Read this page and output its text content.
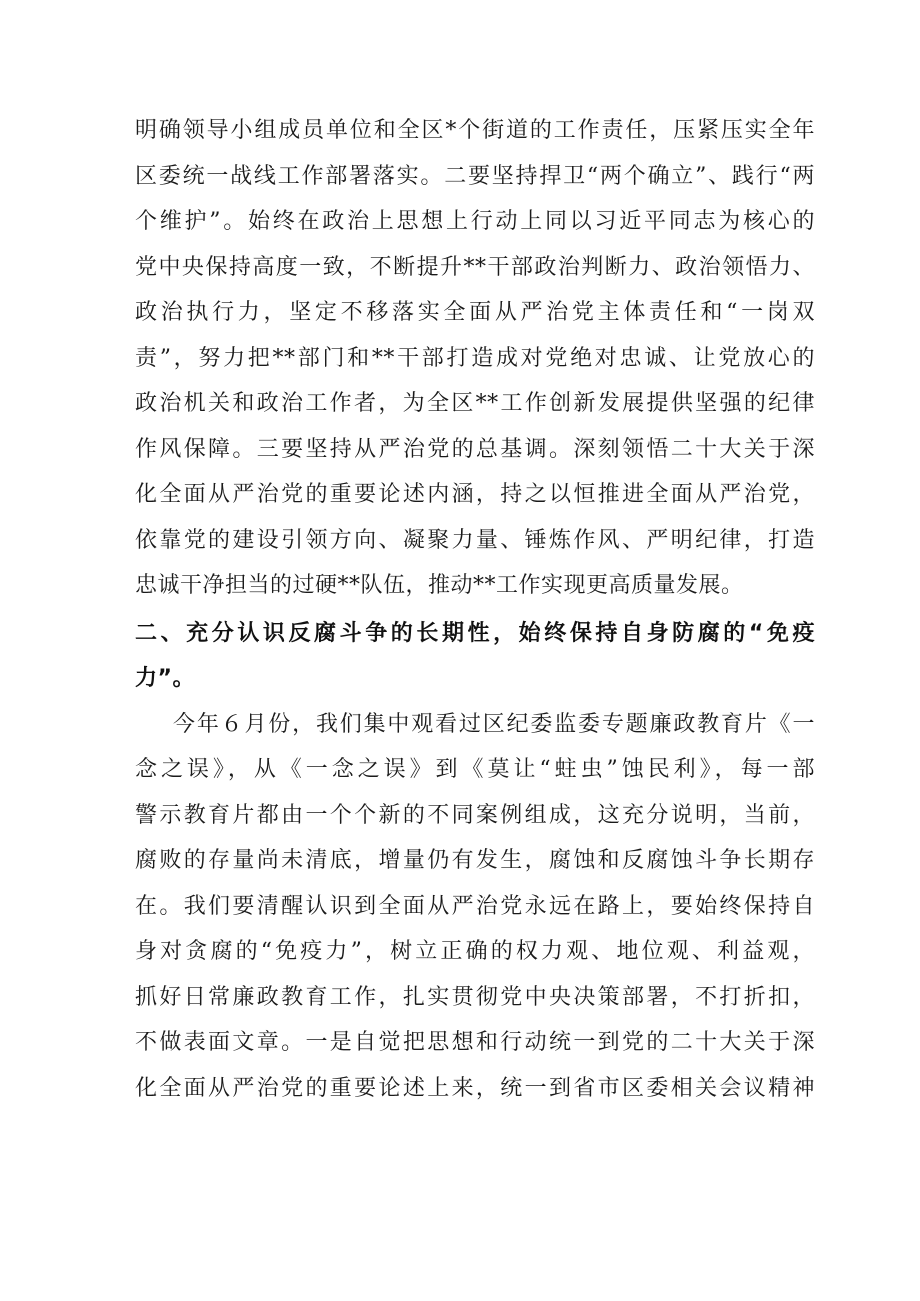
明确领导小组成员单位和全区*个街道的工作责任，压紧压实全年
区委统一战线工作部署落实。二要坚持捍卫“两个确立”、践行“两
个维护”。始终在政治上思想上行动上同以习近平同志为核心的
党中央保持高度一致，不断提升**干部政治判断力、政治领悟力、
政治执行力，坚定不移落实全面从严治党主体责任和“一岗双
责”，努力把**部门和**干部打造成对党绝对忠诚、让党放心的
政治机关和政治工作者，为全区**工作创新发展提供坚强的纪律
作风保障。三要坚持从严治党的总基调。深刻领悟二十大关于深
化全面从严治党的重要论述内涵，持之以恒推进全面从严治党，
依靠党的建设引领方向、凝聚力量、锤炼作风、严明纪律，打造
忠诚干净担当的过硬**队伍，推动**工作实现更高质量发展。
二、充分认识反腐斗争的长期性，始终保持自身防腐的“免疫
力”。
今年６月份，我们集中观看过区纪委监委专题廉政教育片《一
念之误》，从《一念之误》到《莫让“蛀虫”蚀民利》，每一部
警示教育片都由一个个新的不同案例组成，这充分说明，当前，
腐败的存量尚未清底，增量仍有发生，腐蚀和反腐蚀斗争长期存
在。我们要清醒认识到全面从严治党永远在路上，要始终保持自
身对贪腐的“免疫力”，树立正确的权力观、地位观、利益观，
抓好日常廉政教育工作，扎实贯彻党中央决策部署，不打折扣，
不做表面文章。一是自觉把思想和行动统一到党的二十大关于深
化全面从严治党的重要论述上来，统一到省市区委相关会议精神
